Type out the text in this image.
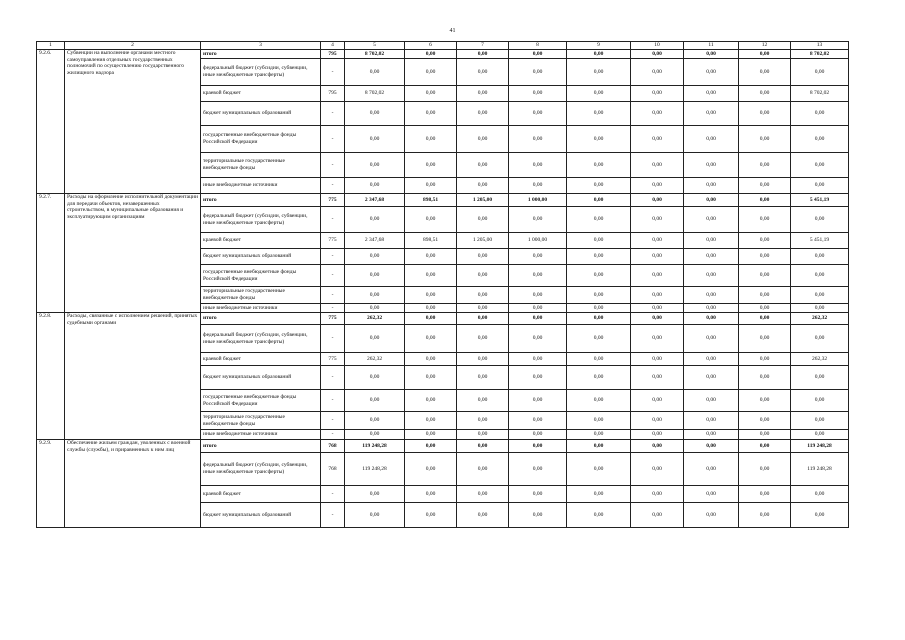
41
1	2	3	4	5	6	7	8	9	10	11	12	13
9.2.6.	Субвенции на выполнение органами местного самоуправления отдельных государственных полномочий по осуществлению государственного жилищного надзора	итого	795	8 702,02	0,00	0,00	0,00	0,00	0,00	0,00	0,00	8 702,02
		федеральный бюджет (субсидии, субвенции, иные межбюджетные трансферты)	-	0,00	0,00	0,00	0,00	0,00	0,00	0,00	0,00	0,00
		краевой бюджет	795	8 702,02	0,00	0,00	0,00	0,00	0,00	0,00	0,00	8 702,02
		бюджет муниципальных образований	-	0,00	0,00	0,00	0,00	0,00	0,00	0,00	0,00	0,00
		государственные внебюджетные фонды Российской Федерации	-	0,00	0,00	0,00	0,00	0,00	0,00	0,00	0,00	0,00
		территориальные государственные внебюджетные фонды	-	0,00	0,00	0,00	0,00	0,00	0,00	0,00	0,00	0,00
		иные внебюджетные источники	-	0,00	0,00	0,00	0,00	0,00	0,00	0,00	0,00	0,00
9.2.7.	Расходы на оформление исполнительной документации для передачи объектов, незавершенных строительством, в муниципальные образования и эксплуатирующим организациям	итого	775	2 347,68	898,51	1 205,00	1 000,00	0,00	0,00	0,00	0,00	5 451,19
		федеральный бюджет (субсидии, субвенции, иные межбюджетные трансферты)	-	0,00	0,00	0,00	0,00	0,00	0,00	0,00	0,00	0,00
		краевой бюджет	775	2 347,68	898,51	1 205,00	1 000,00	0,00	0,00	0,00	0,00	5 451,19
		бюджет муниципальных образований	-	0,00	0,00	0,00	0,00	0,00	0,00	0,00	0,00	0,00
		государственные внебюджетные фонды Российской Федерации	-	0,00	0,00	0,00	0,00	0,00	0,00	0,00	0,00	0,00
		территориальные государственные внебюджетные фонды	-	0,00	0,00	0,00	0,00	0,00	0,00	0,00	0,00	0,00
		иные внебюджетные источники	-	0,00	0,00	0,00	0,00	0,00	0,00	0,00	0,00	0,00
9.2.8.	Расходы, связанные с исполнением решений, принятых судебными органами	итого	775	262,32	0,00	0,00	0,00	0,00	0,00	0,00	0,00	262,32
		федеральный бюджет (субсидии, субвенции, иные межбюджетные трансферты)	-	0,00	0,00	0,00	0,00	0,00	0,00	0,00	0,00	0,00
		краевой бюджет	775	262,32	0,00	0,00	0,00	0,00	0,00	0,00	0,00	262,32
		бюджет муниципальных образований	-	0,00	0,00	0,00	0,00	0,00	0,00	0,00	0,00	0,00
		государственные внебюджетные фонды Российской Федерации	-	0,00	0,00	0,00	0,00	0,00	0,00	0,00	0,00	0,00
		территориальные государственные внебюджетные фонды	-	0,00	0,00	0,00	0,00	0,00	0,00	0,00	0,00	0,00
		иные внебюджетные источники	-	0,00	0,00	0,00	0,00	0,00	0,00	0,00	0,00	0,00
9.2.9.	Обеспечение жильем граждан, уволенных с военной службы (службы), и приравненных к ним лиц	итого	768	119 248,28	0,00	0,00	0,00	0,00	0,00	0,00	0,00	119 248,28
		федеральный бюджет (субсидии, субвенции, иные межбюджетные трансферты)	768	119 248,28	0,00	0,00	0,00	0,00	0,00	0,00	0,00	119 248,28
		краевой бюджет	-	0,00	0,00	0,00	0,00	0,00	0,00	0,00	0,00	0,00
		бюджет муниципальных образований	-	0,00	0,00	0,00	0,00	0,00	0,00	0,00	0,00	0,00
